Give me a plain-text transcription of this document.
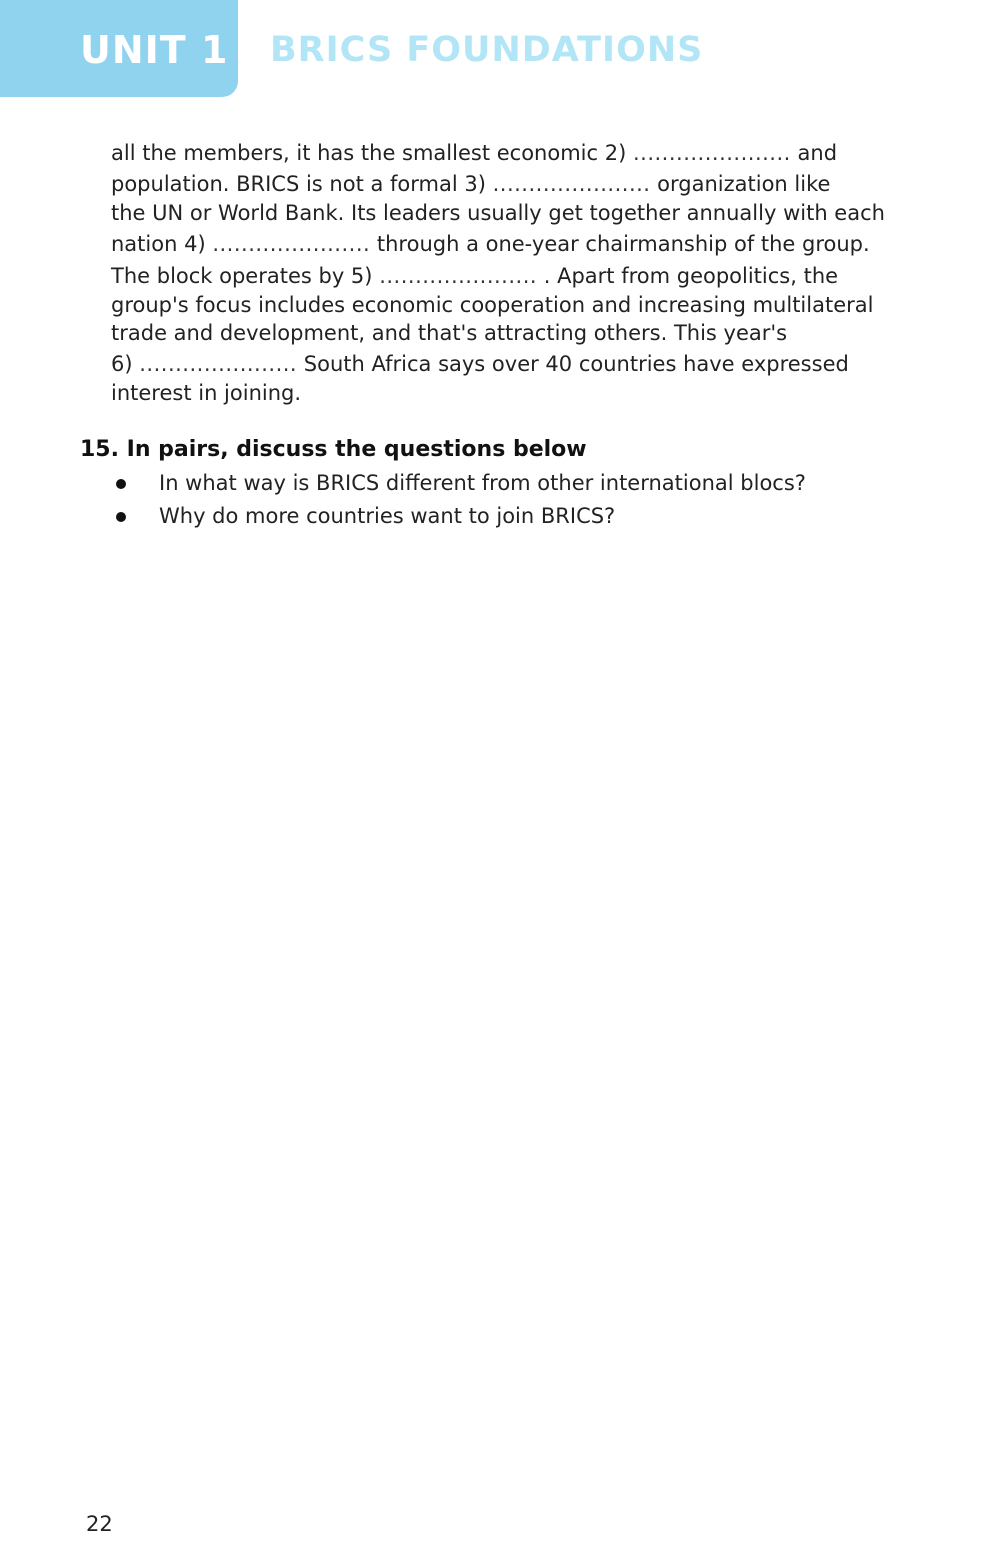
UNIT 1 BRICS FOUNDATIONS
all the members, it has the smallest economic 2) ...................... and
population. BRICS is not a formal 3) ...................... organization like
the UN or World Bank. Its leaders usually get together annually with each
nation 4) ...................... through a one-year chairmanship of the group.
The block operates by 5) ...................... . Apart from geopolitics, the
group's focus includes economic cooperation and increasing multilateral
trade and development, and that's attracting others. This year's
6) ...................... South Africa says over 40 countries have expressed
interest in joining.
15. In pairs, discuss the questions below
In what way is BRICS different from other international blocs?
Why do more countries want to join BRICS?
22
